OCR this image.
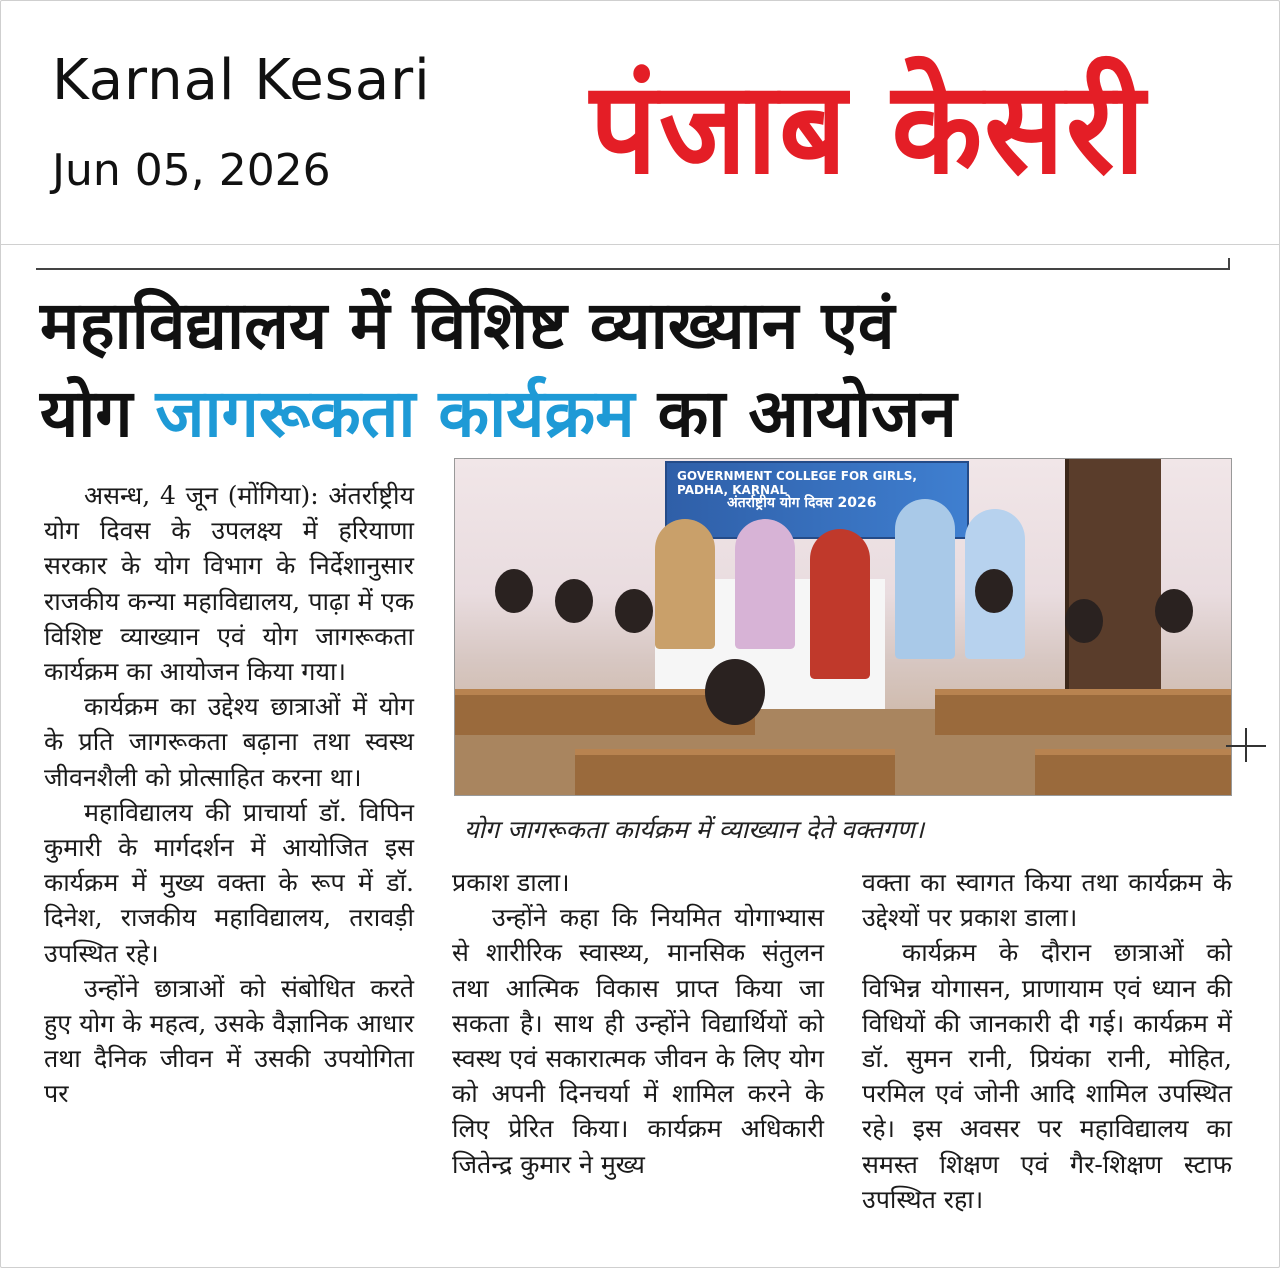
Karnal Kesari
Jun 05, 2026 पंजाब केसरी
महाविद्यालय में विशिष्ट व्याख्यान एवं
योग जागरूकता कार्यक्रम का आयोजन
GOVERNMENT COLLEGE FOR GIRLS, PADHA, KARNAL
अंतर्राष्ट्रीय योग दिवस 2026
योग जागरूकता कार्यक्रम में व्याख्यान देते वक्तगण।

असन्ध, 4 जून (मोंगिया): अंतर्राष्ट्रीय योग दिवस के उपलक्ष्य में हरियाणा सरकार के योग विभाग के निर्देशानुसार राजकीय कन्या महाविद्यालय, पाढ़ा में एक विशिष्ट व्याख्यान एवं योग जागरूकता कार्यक्रम का आयोजन किया गया।

कार्यक्रम का उद्देश्य छात्राओं में योग के प्रति जागरूकता बढ़ाना तथा स्वस्थ जीवनशैली को प्रोत्साहित करना था।

महाविद्यालय की प्राचार्या डॉ. विपिन कुमारी के मार्गदर्शन में आयोजित इस कार्यक्रम में मुख्य वक्ता के रूप में डॉ. दिनेश, राजकीय महाविद्यालय, तरावड़ी उपस्थित रहे।

उन्होंने छात्राओं को संबोधित करते हुए योग के महत्व, उसके वैज्ञानिक आधार तथा दैनिक जीवन में उसकी उपयोगिता पर

प्रकाश डाला।

उन्होंने कहा कि नियमित योगाभ्यास से शारीरिक स्वास्थ्य, मानसिक संतुलन तथा आत्मिक विकास प्राप्त किया जा सकता है। साथ ही उन्होंने विद्यार्थियों को स्वस्थ एवं सकारात्मक जीवन के लिए योग को अपनी दिनचर्या में शामिल करने के लिए प्रेरित किया। कार्यक्रम अधिकारी जितेन्द्र कुमार ने मुख्य

वक्ता का स्वागत किया तथा कार्यक्रम के उद्देश्यों पर प्रकाश डाला।

कार्यक्रम के दौरान छात्राओं को विभिन्न योगासन, प्राणायाम एवं ध्यान की विधियों की जानकारी दी गई। कार्यक्रम में डॉ. सुमन रानी, प्रियंका रानी, मोहित, परमिल एवं जोनी आदि शामिल उपस्थित रहे। इस अवसर पर महाविद्यालय का समस्त शिक्षण एवं गैर-शिक्षण स्टाफ उपस्थित रहा।
